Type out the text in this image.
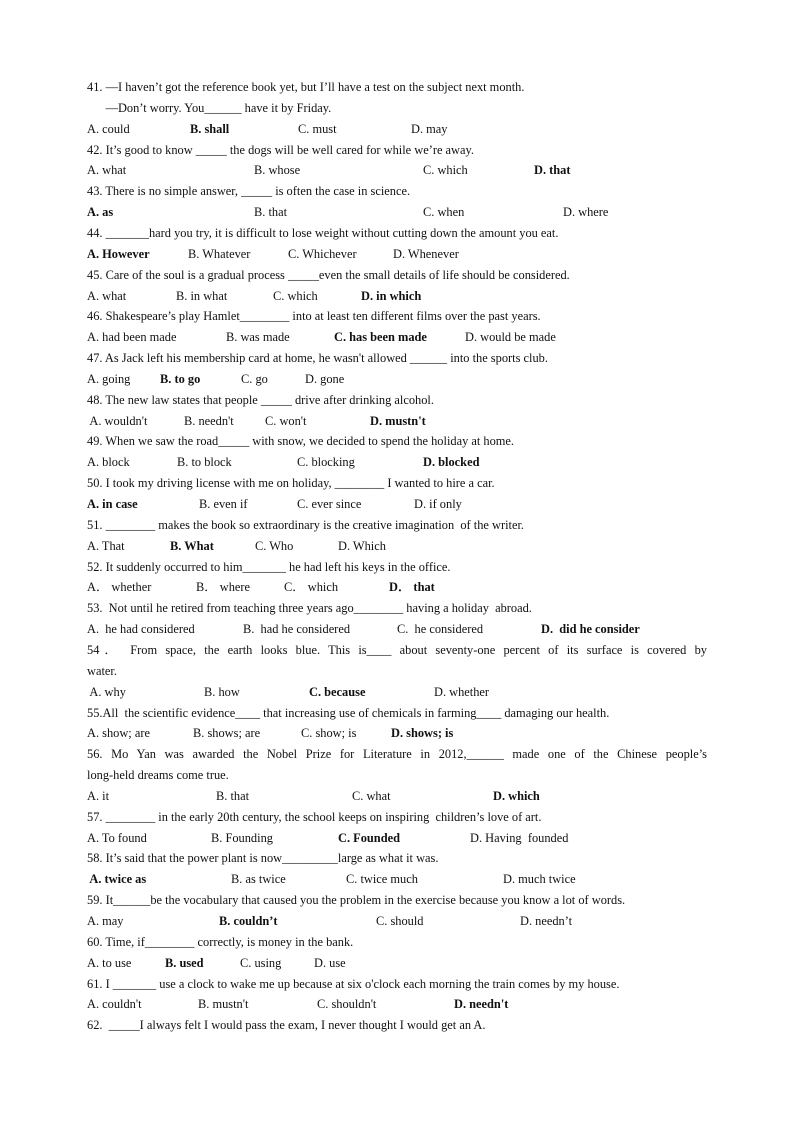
41. —I haven’t got the reference book yet, but I’ll have a test on the subject next month.
—Don’t worry. You______ have it by Friday.
A. could	B. shall	C. must	D. may
42. It’s good to know _____ the dogs will be well cared for while we’re away.
A. what	B. whose	C. which	D. that
43. There is no simple answer, _____ is often the case in science.
A. as	B. that	C. when	D. where
44. _______hard you try, it is difficult to lose weight without cutting down the amount you eat.
A. However	B. Whatever	C. Whichever	D. Whenever
45. Care of the soul is a gradual process _____even the small details of life should be considered.
A. what	B. in what	C. which	D. in which
46. Shakespeare’s play Hamlet________ into at least ten different films over the past years.
A. had been made	B. was made	C. has been made	D. would be made
47. As Jack left his membership card at home, he wasn't allowed ______ into the sports club.
A. going B. to go	C. go	D. gone
48. The new law states that people _____ drive after drinking alcohol.
A. wouldn't	B. needn't	C. won't	D. mustn't
49. When we saw the road_____ with snow, we decided to spend the holiday at home.
A. block	B. to block	C. blocking	D. blocked
50. I took my driving license with me on holiday, ________ I wanted to hire a car.
A. in case	B. even if	C. ever since	D. if only
51. ________ makes the book so extraordinary is the creative imagination  of the writer.
A. That	B. What	C. Who	D. Which
52. It suddenly occurred to him_______ he had left his keys in the office.
A． whether	B． where	C． which	D． that
53.  Not until he retired from teaching three years ago________ having a holiday  abroad.
A.  he had considered	B.  had he considered	C.  he considered	D.  did he consider
54． From space, the earth looks blue. This is____ about seventy-one percent of its surface is covered by
water.
A. why	B. how	C. because	D. whether
55.All  the scientific evidence____ that increasing use of chemicals in farming____ damaging our health.
A. show; are	B. shows; are	C. show; is	D. shows; is
56. Mo Yan was awarded the Nobel Prize for Literature in 2012,______ made one of the Chinese people’s
long-held dreams come true.
A. it	B. that	C. what	D. which
57. ________ in the early 20th century, the school keeps on inspiring  children’s love of art.
A. To found	B. Founding	C. Founded	D. Having  founded
58. It’s said that the power plant is now_________large as what it was.
A. twice as	B. as twice	C. twice much	D. much twice
59. It______be the vocabulary that caused you the problem in the exercise because you know a lot of words.
A. may	B. couldn’t	C. should	D. needn’t
60. Time, if________ correctly, is money in the bank.
A. to use	B. used	C. using	D. use
61. I _______ use a clock to wake me up because at six o'clock each morning the train comes by my house.
A. couldn't	B. mustn't	C. shouldn't	D. needn't
62.  _____I always felt I would pass the exam, I never thought I would get an A.
